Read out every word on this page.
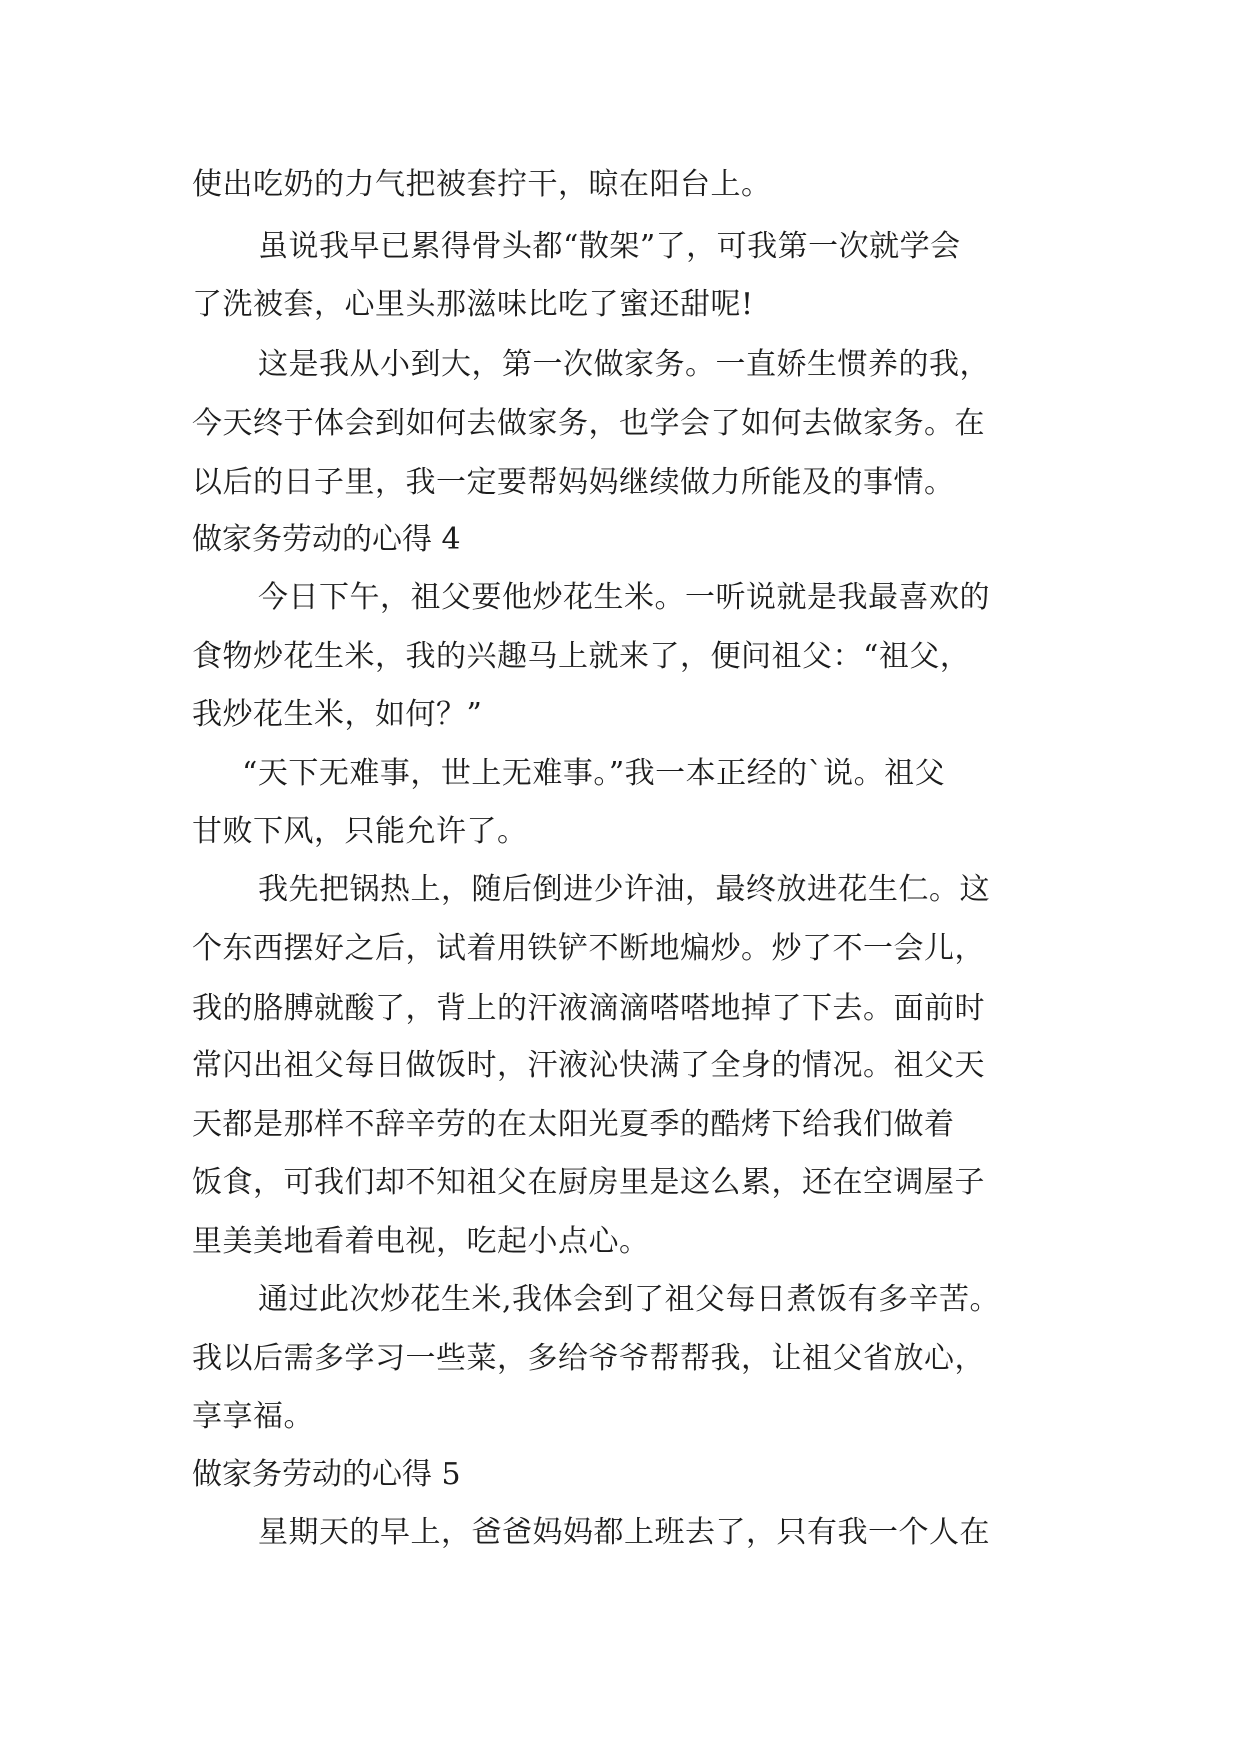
使出吃奶的力气把被套拧干，晾在阳台上。

虽说我早已累得骨头都“散架”了，可我第一次就学会

了洗被套，心里头那滋味比吃了蜜还甜呢!

这是我从小到大，第一次做家务。一直娇生惯养的我，

今天终于体会到如何去做家务，也学会了如何去做家务。在

以后的日子里，我一定要帮妈妈继续做力所能及的事情。

做家务劳动的心得 4

今日下午，祖父要他炒花生米。一听说就是我最喜欢的

食物炒花生米，我的兴趣马上就来了，便问祖父：“祖父，

我炒花生米，如何？”

“天下无难事，世上无难事。”我一本正经的`说。祖父

甘败下风，只能允许了。

我先把锅热上，随后倒进少许油，最终放进花生仁。这

个东西摆好之后，试着用铁铲不断地煸炒。炒了不一会儿，

我的胳膊就酸了，背上的汗液滴滴嗒嗒地掉了下去。面前时

常闪出祖父每日做饭时，汗液沁快满了全身的情况。祖父天

天都是那样不辞辛劳的在太阳光夏季的酷烤下给我们做着

饭食，可我们却不知祖父在厨房里是这么累，还在空调屋子

里美美地看着电视，吃起小点心。

通过此次炒花生米,我体会到了祖父每日煮饭有多辛苦。

我以后需多学习一些菜，多给爷爷帮帮我，让祖父省放心，

享享福。

做家务劳动的心得 5

星期天的早上，爸爸妈妈都上班去了，只有我一个人在
